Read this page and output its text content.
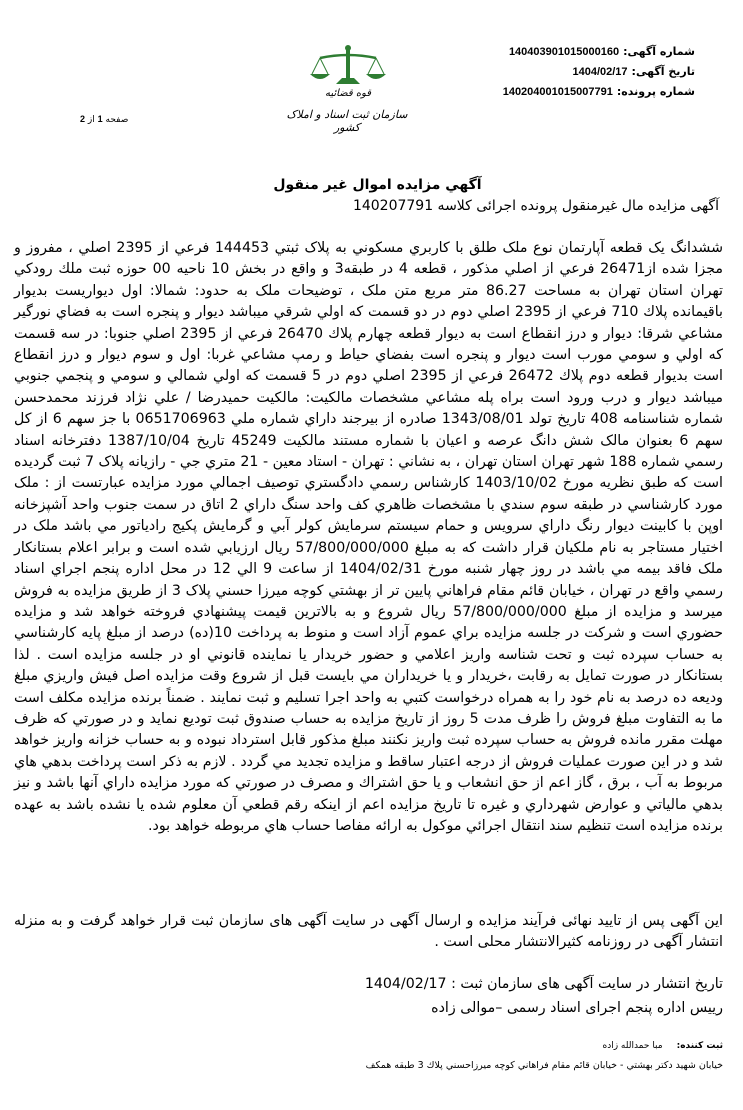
شماره آگهی:140403901015000160
تاریخ آگهی:1404/02/17
شماره پرونده:140204001015007791
قوه قضائیه
سازمان ثبت اسناد و املاک کشور
صفحه 1 از 2
آگهي مزايده اموال غير منقول
آگهی مزایده مال غیرمنقول پرونده اجرائی کلاسه 140207791
ششدانگ يک قطعه آپارتمان نوع ملک طلق با کاربري مسکوني به پلاک ثبتي 144453 فرعي از 2395 اصلي ، مفروز و مجزا شده از26471 فرعي از اصلي مذکور ، قطعه 4 در طبقه3 و واقع در بخش 10 ناحيه 00 حوزه ثبت ملك رودكي تهران استان تهران به مساحت 86.27 متر مربع متن ملک ، توضيحات ملک به حدود: شمالا: اول ديواريست بديوار باقيمانده پلاك 710 فرعي از 2395 اصلي دوم در دو قسمت كه اولي شرقي ميباشد ديوار و پنجره است به فضاي نورگير مشاعي شرقا: ديوار و درز انقطاع است به ديوار قطعه چهارم پلاك 26470 فرعي از 2395 اصلي جنوبا: در سه قسمت كه اولي و سومي مورب است ديوار و پنجره است بفضاي حياط و رمپ مشاعي غربا: اول و سوم ديوار و درز انقطاع است بديوار قطعه دوم پلاك 26472 فرعي از 2395 اصلي دوم در 5 قسمت كه اولي شمالي و سومي و پنجمي جنوبي ميباشد ديوار و درب ورود است براه پله مشاعي مشخصات مالکيت: مالکيت حميدرضا / علي نژاد فرزند محمدحسن شماره شناسنامه 408 تاريخ تولد 1343/08/01 صادره از بيرجند داراي شماره ملي 0651706963 با جز سهم 6 از کل سهم 6 بعنوان مالک شش دانگ عرصه و اعيان با شماره مستند مالکيت 45249 تاريخ 1387/10/04 دفترخانه اسناد رسمي شماره 188 شهر تهران استان تهران ، به نشاني : تهران - استاد معين - 21 متري جي - رازيانه پلاک 7 ثبت گرديده است كه طبق نظريه مورخ 1403/10/02 كارشناس رسمي دادگستري توصيف اجمالي مورد مزايده عبارتست از : ملک مورد كارشناسي در طبقه سوم سندي با مشخصات ظاهري كف واحد سنگ داراي 2 اتاق در سمت جنوب واحد آشپزخانه اوپن با كابينت ديوار رنگ داراي سرويس و حمام سيستم سرمايش كولر آبي و گرمايش پكيج رادياتور مي باشد ملک در اختيار مستاجر به نام ملكيان قرار داشت كه به مبلغ 57/800/000/000 ريال ارزيابي شده است و برابر اعلام بستانكار ملک فاقد بيمه مي باشد در روز چهار شنبه مورخ 1404/02/31 از ساعت 9 الي 12 در محل اداره پنجم اجراي اسناد رسمي واقع در تهران ، خيابان قائم مقام فراهاني پايين تر از بهشتي كوچه ميرزا حسني پلاک 3 از طريق مزايده به فروش ميرسد و مزايده از مبلغ 57/800/000/000 ريال شروع و به بالاترين قيمت پيشنهادي فروخته خواهد شد و مزايده حضوري است و شركت در جلسه مزايده براي عموم آزاد است و منوط به پرداخت 10(ده) درصد از مبلغ پايه كارشناسي به حساب سپرده ثبت و تحت شناسه واريز اعلامي و حضور خريدار يا نماينده قانوني او در جلسه مزايده است . لذا بستانكار در صورت تمايل به رقابت ،خريدار و يا خريداران مي بايست قبل از شروع وقت مزايده اصل فيش واريزي مبلغ وديعه ده درصد به نام خود را به همراه درخواست كتبي به واحد اجرا تسليم و ثبت نمايند . ضمناً برنده مزايده مكلف است ما به التفاوت مبلغ فروش را ظرف مدت 5 روز از تاريخ مزايده به حساب صندوق ثبت توديع نمايد و در صورتي كه ظرف مهلت مقرر مانده فروش به حساب سپرده ثبت واريز نكنند مبلغ مذكور قابل استرداد نبوده و به حساب خزانه واريز خواهد شد و در اين صورت عمليات فروش از درجه اعتبار ساقط و مزايده تجديد مي گردد . لازم به ذكر است پرداخت بدهي هاي مربوط به آب ، برق ، گاز اعم از حق انشعاب و يا حق اشتراك و مصرف در صورتي كه مورد مزايده داراي آنها باشد و نيز بدهي مالياتي و عوارض شهرداري و غيره تا تاريخ مزايده اعم از اينكه رقم قطعي آن معلوم شده يا نشده باشد به عهده برنده مزايده است تنظيم سند انتقال اجرائي موكول به ارائه مفاصا حساب هاي مربوطه خواهد بود.
این آگهی پس از تایید نهائی فرآیند مزایده و ارسال آگهی در سایت آگهی های سازمان ثبت قرار خواهد گرفت و به منزله انتشار آگهی در روزنامه کثیرالانتشار محلی است .
تاریخ انتشار در سایت آگهی های سازمان ثبت : 1404/02/17
رییس اداره پنجم اجرای اسناد رسمی –موالی زاده
ثبت كننده:مبا حمدالله زاده
خيابان شهيد دكتر بهشتي - خيابان قائم مقام فراهاني كوچه ميرزاحسني پلاك 3 طبقه همكف
